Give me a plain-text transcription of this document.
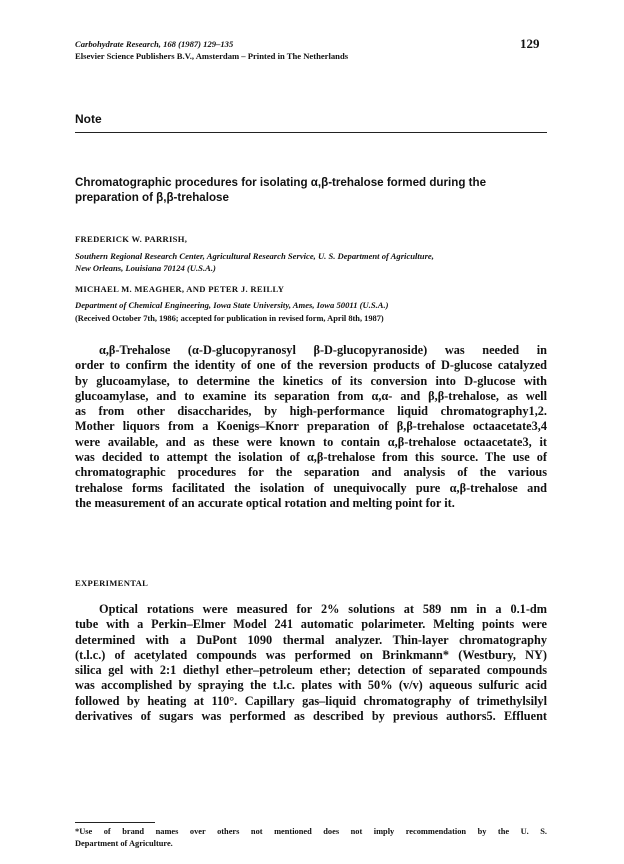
Carbohydrate Research, 168 (1987) 129–135
Elsevier Science Publishers B.V., Amsterdam – Printed in The Netherlands
129
Note
Chromatographic procedures for isolating α,β-trehalose formed during the
preparation of β,β-trehalose
FREDERICK W. PARRISH,
Southern Regional Research Center, Agricultural Research Service, U. S. Department of Agriculture,
New Orleans, Louisiana 70124 (U.S.A.)
MICHAEL M. MEAGHER, AND PETER J. REILLY
Department of Chemical Engineering, Iowa State University, Ames, Iowa 50011 (U.S.A.)
(Received October 7th, 1986; accepted for publication in revised form, April 8th, 1987)
α,β-Trehalose (α-D-glucopyranosyl β-D-glucopyranoside) was needed in
order to confirm the identity of one of the reversion products of D-glucose catalyzed
by glucoamylase, to determine the kinetics of its conversion into D-glucose with
glucoamylase, and to examine its separation from α,α- and β,β-trehalose, as well
as from other disaccharides, by high-performance liquid chromatography1,2.
Mother liquors from a Koenigs–Knorr preparation of β,β-trehalose octaacetate3,4
were available, and as these were known to contain α,β-trehalose octaacetate3, it
was decided to attempt the isolation of α,β-trehalose from this source. The use of
chromatographic procedures for the separation and analysis of the various
trehalose forms facilitated the isolation of unequivocally pure α,β-trehalose and
the measurement of an accurate optical rotation and melting point for it.
EXPERIMENTAL
Optical rotations were measured for 2% solutions at 589 nm in a 0.1-dm
tube with a Perkin–Elmer Model 241 automatic polarimeter. Melting points were
determined with a DuPont 1090 thermal analyzer. Thin-layer chromatography
(t.l.c.) of acetylated compounds was performed on Brinkmann* (Westbury, NY)
silica gel with 2:1 diethyl ether–petroleum ether; detection of separated compounds
was accomplished by spraying the t.l.c. plates with 50% (v/v) aqueous sulfuric acid
followed by heating at 110°. Capillary gas–liquid chromatography of trimethylsilyl
derivatives of sugars was performed as described by previous authors5. Effluent
*Use of brand names over others not mentioned does not imply recommendation by the U. S.
Department of Agriculture.
